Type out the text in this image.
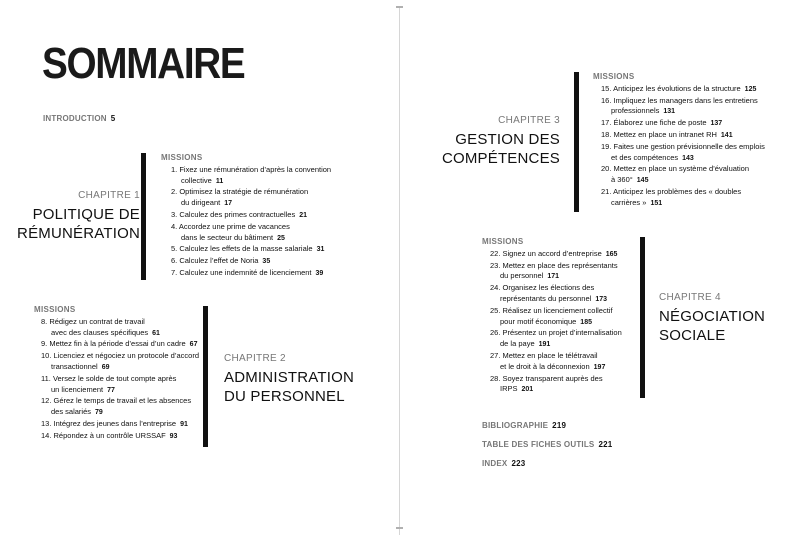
SOMMAIRE
INTRODUCTION 5
CHAPITRE 1
POLITIQUE DE
RÉMUNÉRATION
MISSIONS
1. Fixez une rémunération d’après la convention
collective 11
2. Optimisez la stratégie de rémunération
du dirigeant 17
3. Calculez des primes contractuelles 21
4. Accordez une prime de vacances
dans le secteur du bâtiment 25
5. Calculez les effets de la masse salariale 31
6. Calculez l’effet de Noria 35
7. Calculez une indemnité de licenciement 39
MISSIONS
8. Rédigez un contrat de travail
avec des clauses spécifiques 61
9. Mettez fin à la période d’essai d’un cadre 67
10. Licenciez et négociez un protocole d’accord
transactionnel 69
11. Versez le solde de tout compte après
un licenciement 77
12. Gérez le temps de travail et les absences
des salariés 79
13. Intégrez des jeunes dans l’entreprise 91
14. Répondez à un contrôle URSSAF 93
CHAPITRE 2
ADMINISTRATION
DU PERSONNEL
CHAPITRE 3
GESTION DES
COMPÉTENCES
MISSIONS
15. Anticipez les évolutions de la structure 125
16. Impliquez les managers dans les entretiens
professionnels 131
17. Élaborez une fiche de poste 137
18. Mettez en place un intranet RH 141
19. Faites une gestion prévisionnelle des emplois
et des compétences 143
20. Mettez en place un système d’évaluation
à 360° 145
21. Anticipez les problèmes des « doubles
carrières » 151
MISSIONS
22. Signez un accord d’entreprise 165
23. Mettez en place des représentants
du personnel 171
24. Organisez les élections des
représentants du personnel 173
25. Réalisez un licenciement collectif
pour motif économique 185
26. Présentez un projet d’internalisation
de la paye 191
27. Mettez en place le télétravail
et le droit à la déconnexion 197
28. Soyez transparent auprès des
IRPS 201
CHAPITRE 4
NÉGOCIATION
SOCIALE
BIBLIOGRAPHIE 219
TABLE DES FICHES OUTILS 221
INDEX 223
